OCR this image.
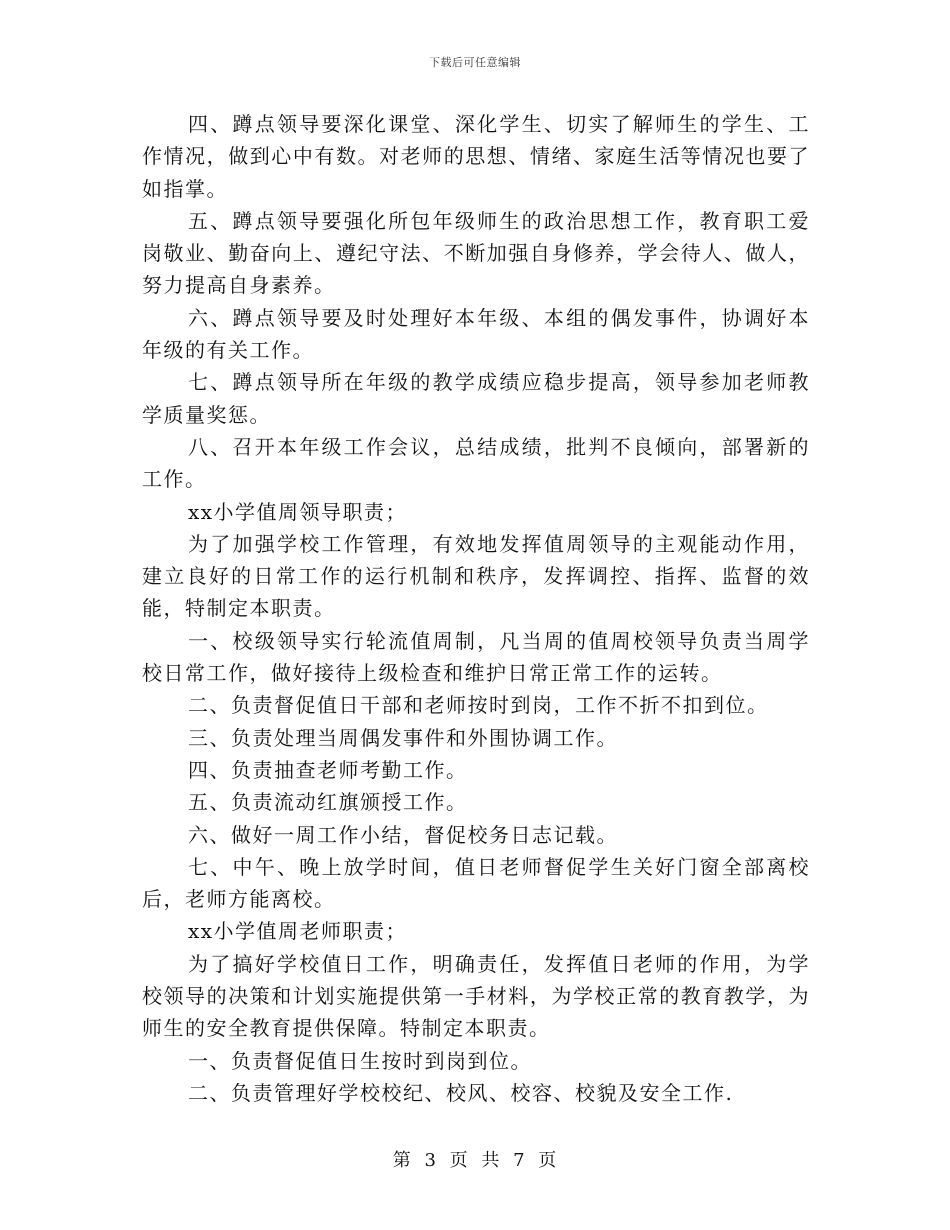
下载后可任意编辑

四、蹲点领导要深化课堂、深化学生、切实了解师生的学生、工作情况，做到心中有数。对老师的思想、情绪、家庭生活等情况也要了如指掌。

五、蹲点领导要强化所包年级师生的政治思想工作，教育职工爱岗敬业、勤奋向上、遵纪守法、不断加强自身修养，学会待人、做人，努力提高自身素养。

六、蹲点领导要及时处理好本年级、本组的偶发事件，协调好本年级的有关工作。

七、蹲点领导所在年级的教学成绩应稳步提高，领导参加老师教学质量奖惩。

八、召开本年级工作会议，总结成绩，批判不良倾向，部署新的工作。

xx小学值周领导职责；

为了加强学校工作管理，有效地发挥值周领导的主观能动作用，建立良好的日常工作的运行机制和秩序，发挥调控、指挥、监督的效能，特制定本职责。

一、校级领导实行轮流值周制，凡当周的值周校领导负责当周学校日常工作，做好接待上级检查和维护日常正常工作的运转。

二、负责督促值日干部和老师按时到岗，工作不折不扣到位。

三、负责处理当周偶发事件和外围协调工作。

四、负责抽查老师考勤工作。

五、负责流动红旗颁授工作。

六、做好一周工作小结，督促校务日志记载。

七、中午、晚上放学时间，值日老师督促学生关好门窗全部离校后，老师方能离校。

xx小学值周老师职责；

为了搞好学校值日工作，明确责任，发挥值日老师的作用，为学校领导的决策和计划实施提供第一手材料，为学校正常的教育教学，为师生的安全教育提供保障。特制定本职责。

一、负责督促值日生按时到岗到位。

二、负责管理好学校校纪、校风、校容、校貌及安全工作.

第 3 页 共 7 页
